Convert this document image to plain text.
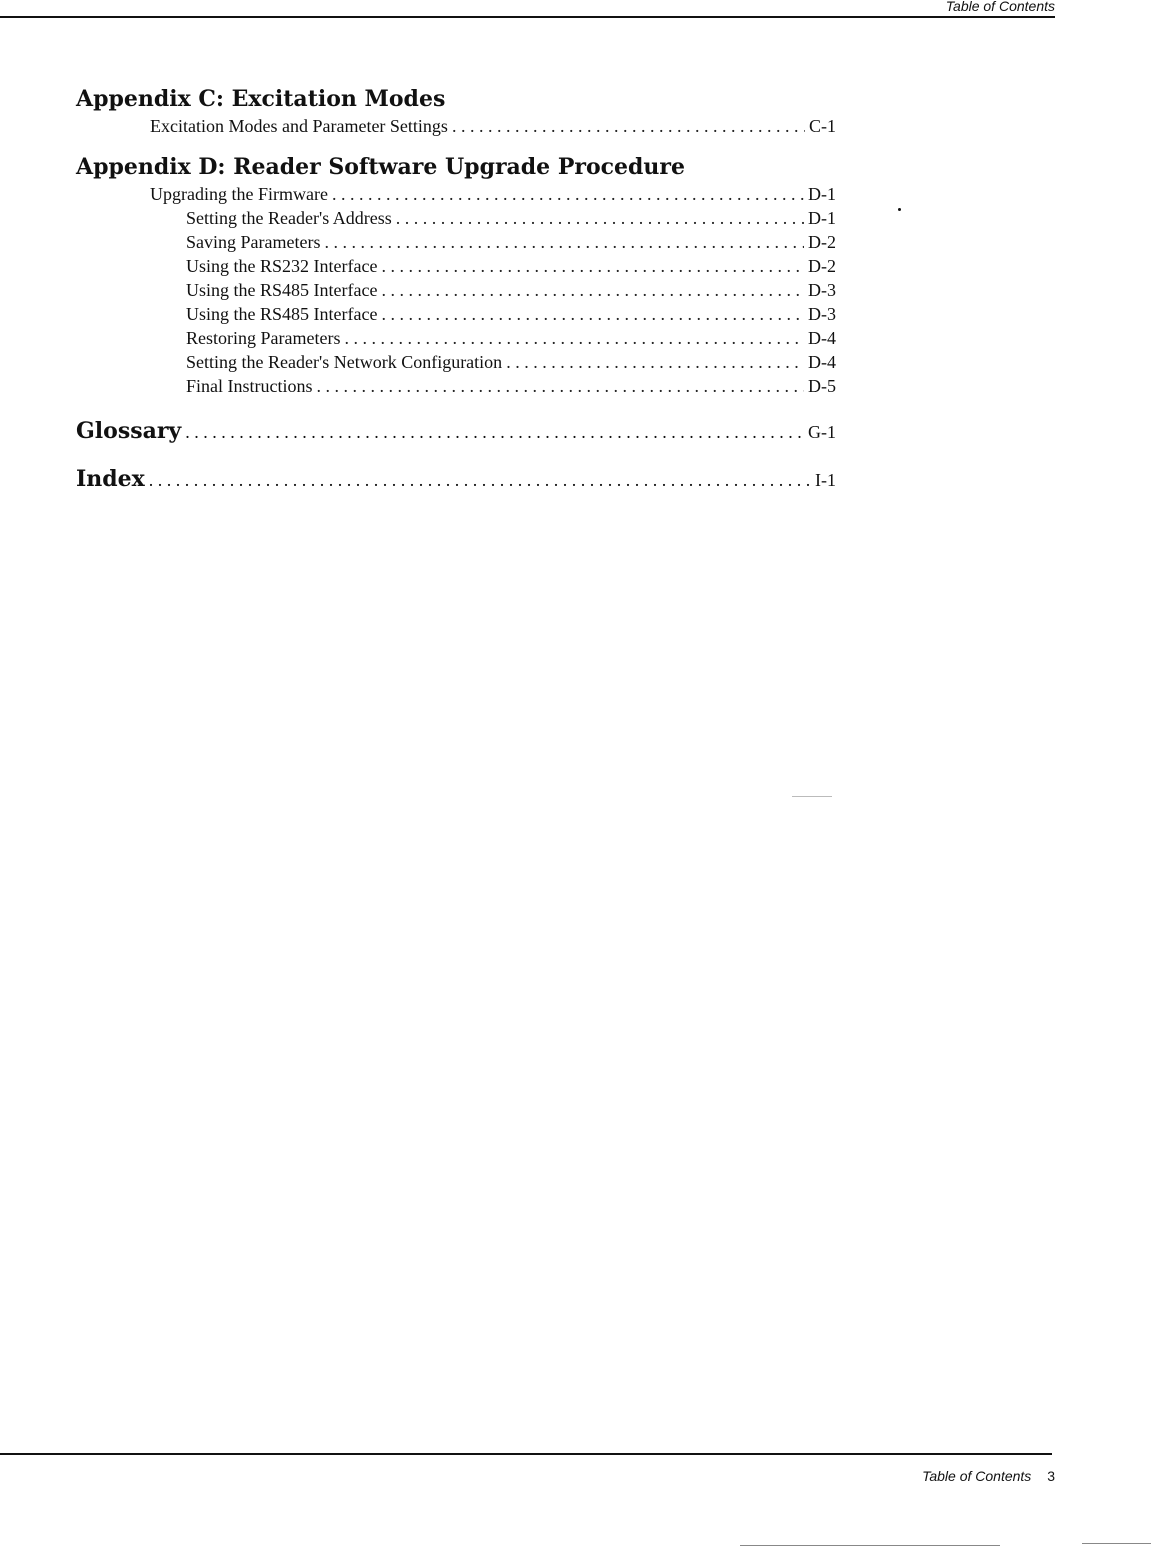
Table of Contents
Appendix C: Excitation Modes
Excitation Modes and Parameter Settings . . .	C-1
Appendix D: Reader Software Upgrade Procedure
Upgrading the Firmware . . .	D-1
Setting the Reader's Address . . .	D-1
Saving Parameters . . .	D-2
Using the RS232 Interface . . .	D-2
Using the RS485 Interface . . .	D-3
Using the RS485 Interface . . .	D-3
Restoring Parameters . . .	D-4
Setting the Reader's Network Configuration . . .	D-4
Final Instructions . . .	D-5
Glossary . . .	G-1
Index . . .	I-1
Table of Contents 3
